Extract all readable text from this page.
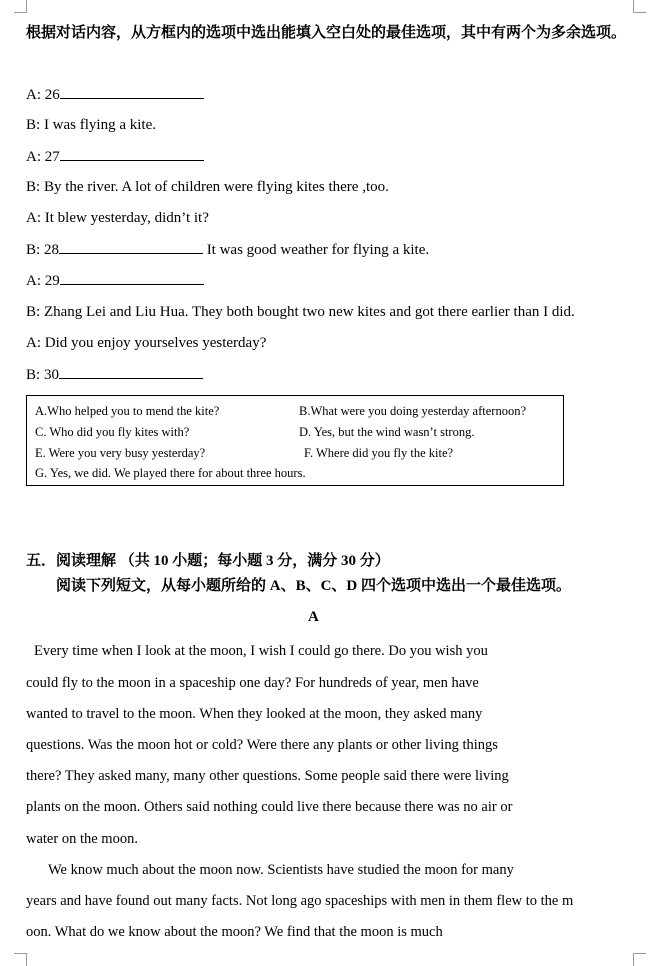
根据对话内容，从方框内的选项中选出能填入空白处的最佳选项，其中有两个为多余选项。
A: 26
B: I was flying a kite.
A: 27
B: By the river. A lot of children were flying kites there ,too.
A: It blew yesterday, didn’t it?
B: 28	It was good weather for flying a kite.
A: 29
B: Zhang Lei and Liu Hua. They both bought two new kites and got there earlier than I did.
A: Did you enjoy yourselves yesterday?
B: 30
A.Who helped you to mend the kite?	B.What were you doing yesterday afternoon?
C. Who did you fly kites with?	D. Yes, but the wind wasn’t strong.
E. Were you very busy yesterday?	F. Where did you fly the kite?
G. Yes, we did. We played there for about three hours.
五．阅读理解 （共 10 小题；每小题 3 分，满分 30 分）
阅读下列短文，从每小题所给的 A、B、C、D 四个选项中选出一个最佳选项。
A
Every time when I look at the moon, I wish I could go there. Do you wish you
could fly to the moon in a spaceship one day? For hundreds of year, men have
wanted to travel to the moon. When they looked at the moon, they asked many
questions. Was the moon hot or cold? Were there any plants or other living things
there? They asked many, many other questions. Some people said there were living
plants on the moon. Others said nothing could live there because there was no air or
water on the moon.
We know much about the moon now. Scientists have studied the moon for many
years and have found out many facts. Not long ago spaceships with men in them flew to the m
oon. What do we know about the moon? We find that the moon is much
